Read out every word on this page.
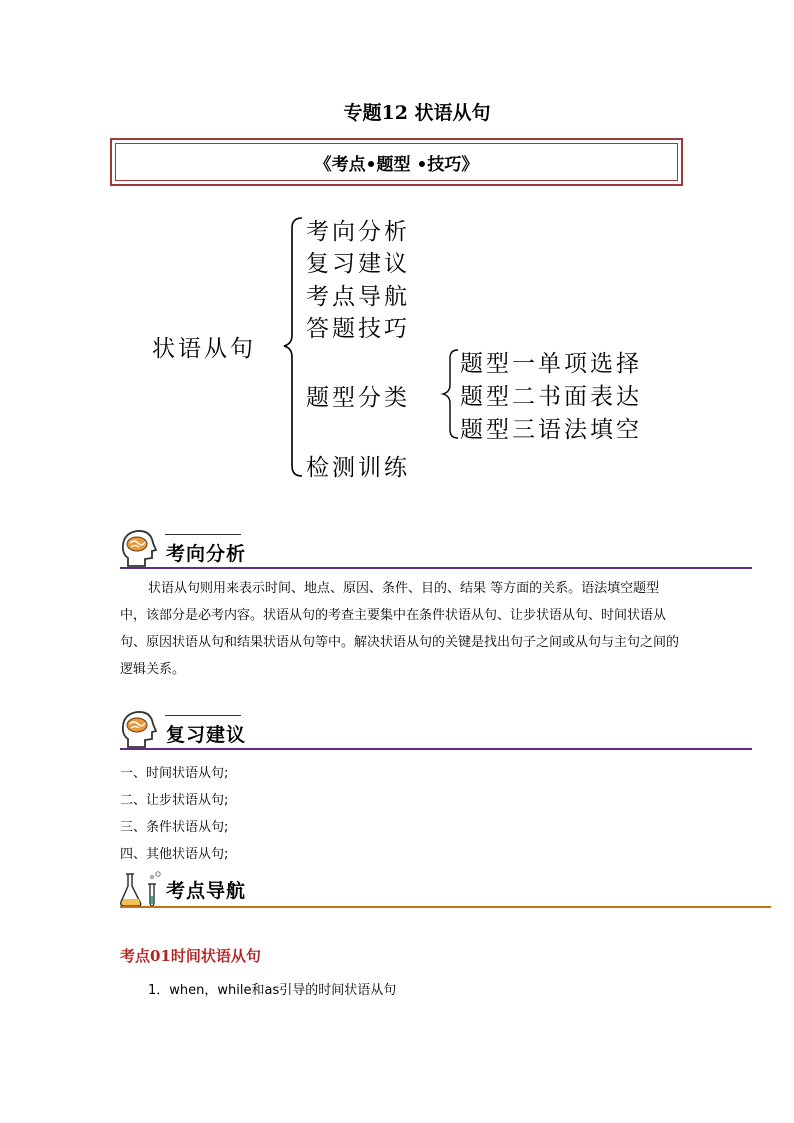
专题12 状语从句
《考点•题型 •技巧》
状语从句
考向分析
复习建议
考点导航
答题技巧
题型分类
检测训练
题型一单项选择
题型二书面表达
题型三语法填空
考向分析
状语从句则用来表示时间、地点、原因、条件、目的、结果 等方面的关系。语法填空题型中，该部分是必考内容。状语从句的考查主要集中在条件状语从句、让步状语从句、时间状语从句、原因状语从句和结果状语从句等中。解决状语从句的关键是找出句子之间或从句与主句之间的逻辑关系。
复习建议
一、时间状语从句;
二、让步状语从句;
三、条件状语从句;
四、其他状语从句;
考点导航
考点01时间状语从句
1．when，while和as引导的时间状语从句
